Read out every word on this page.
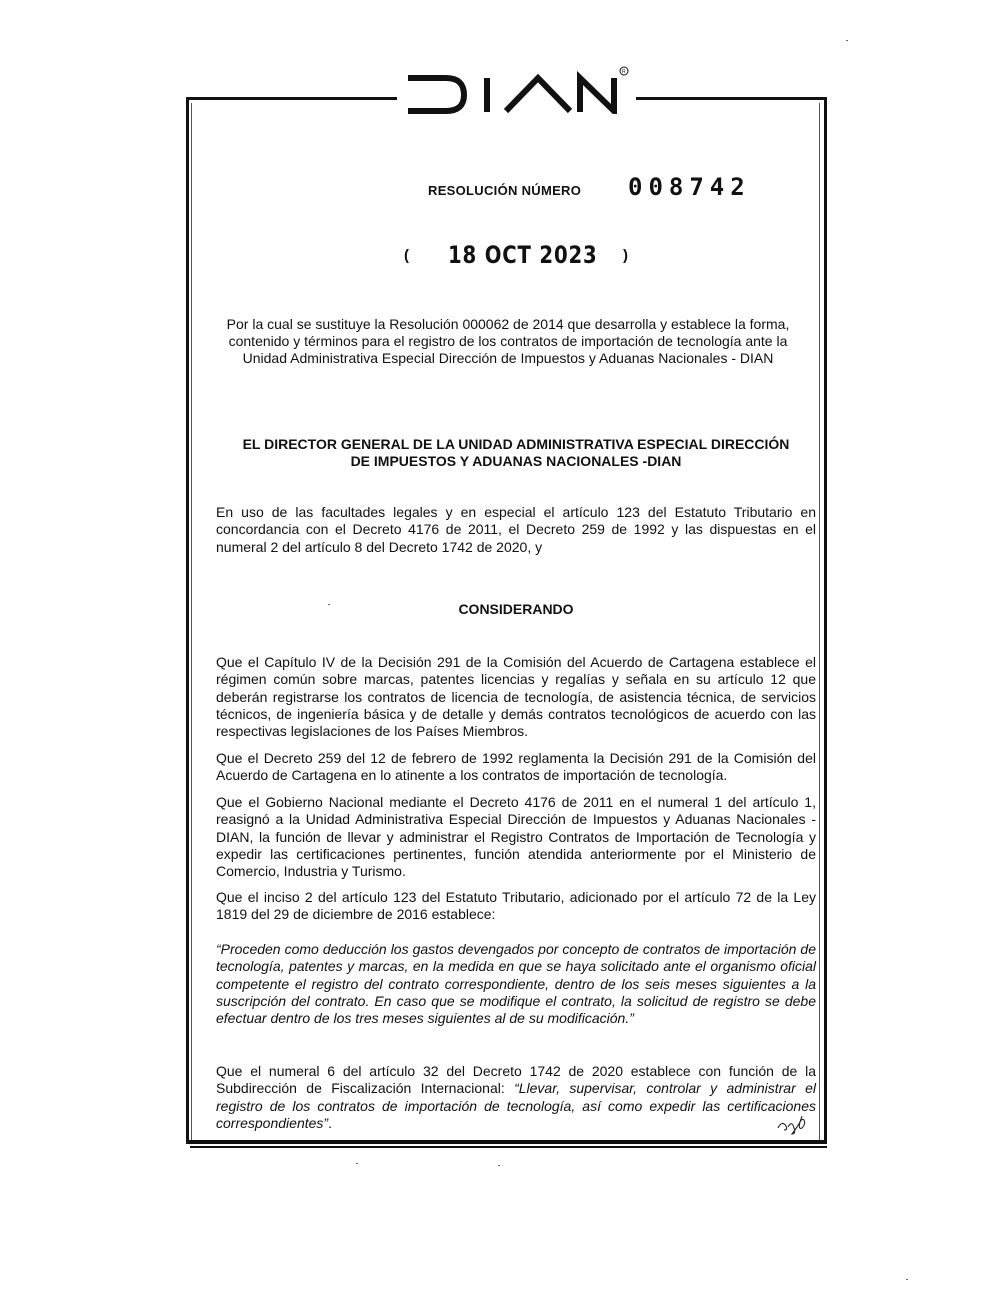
R
RESOLUCIÓN NÚMERO 008742
( 18 OCT 2023 )
Por la cual se sustituye la Resolución 000062 de 2014 que desarrolla y establece la forma, contenido y términos para el registro de los contratos de importación de tecnología ante la Unidad Administrativa Especial Dirección de Impuestos y Aduanas Nacionales - DIAN
EL DIRECTOR GENERAL DE LA UNIDAD ADMINISTRATIVA ESPECIAL DIRECCIÓN
DE IMPUESTOS Y ADUANAS NACIONALES -DIAN
En uso de las facultades legales y en especial el artículo 123 del Estatuto Tributario en concordancia con el Decreto 4176 de 2011, el Decreto 259 de 1992 y las dispuestas en el numeral 2 del artículo 8 del Decreto 1742 de 2020, y
CONSIDERANDO
Que el Capítulo IV de la Decisión 291 de la Comisión del Acuerdo de Cartagena establece el régimen común sobre marcas, patentes licencias y regalías y señala en su artículo 12 que deberán registrarse los contratos de licencia de tecnología, de asistencia técnica, de servicios técnicos, de ingeniería básica y de detalle y demás contratos tecnológicos de acuerdo con las respectivas legislaciones de los Países Miembros.
Que el Decreto 259 del 12 de febrero de 1992 reglamenta la Decisión 291 de la Comisión del Acuerdo de Cartagena en lo atinente a los contratos de importación de tecnología.
Que el Gobierno Nacional mediante el Decreto 4176 de 2011 en el numeral 1 del artículo 1, reasignó a la Unidad Administrativa Especial Dirección de Impuestos y Aduanas Nacionales -DIAN, la función de llevar y administrar el Registro Contratos de Importación de Tecnología y expedir las certificaciones pertinentes, función atendida anteriormente por el Ministerio de Comercio, Industria y Turismo.
Que el inciso 2 del artículo 123 del Estatuto Tributario, adicionado por el artículo 72 de la Ley 1819 del 29 de diciembre de 2016 establece:
“Proceden como deducción los gastos devengados por concepto de contratos de importación de tecnología, patentes y marcas, en la medida en que se haya solicitado ante el organismo oficial competente el registro del contrato correspondiente, dentro de los seis meses siguientes a la suscripción del contrato. En caso que se modifique el contrato, la solicitud de registro se debe efectuar dentro de los tres meses siguientes al de su modificación.”
Que el numeral 6 del artículo 32 del Decreto 1742 de 2020 establece con función de la Subdirección de Fiscalización Internacional: “Llevar, supervisar, controlar y administrar el registro de los contratos de importación de tecnología, así como expedir las certificaciones correspondientes”.
